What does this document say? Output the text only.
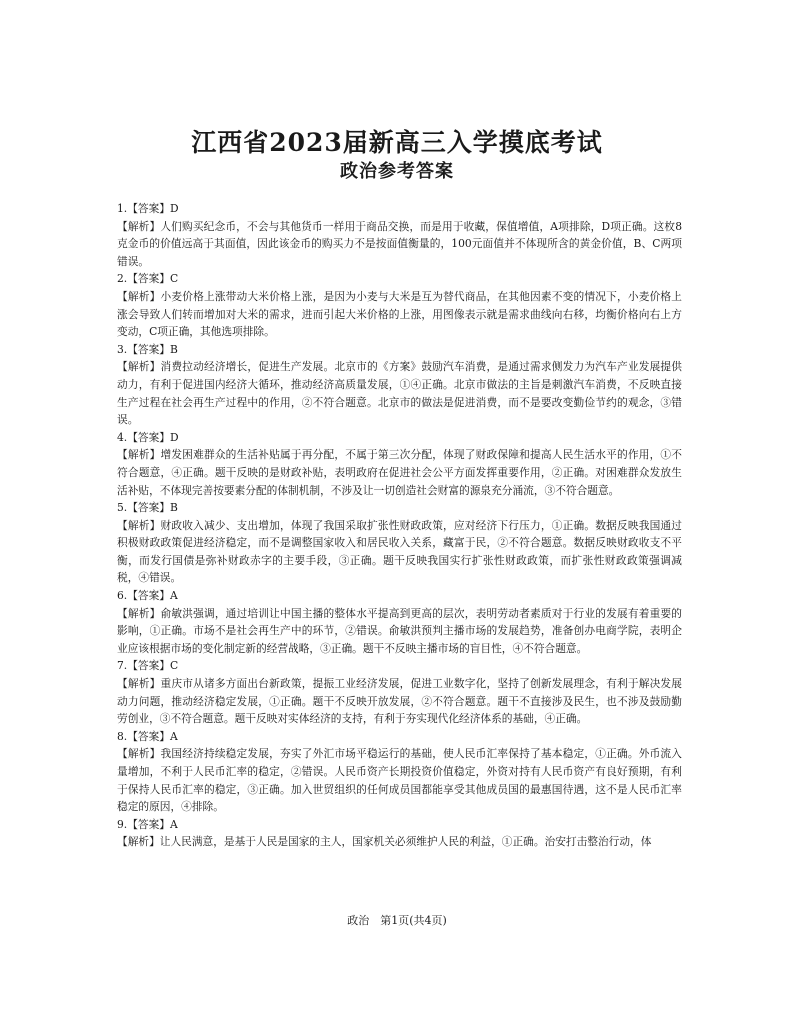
江西省2023届新高三入学摸底考试
政治参考答案
1.【答案】D
【解析】人们购买纪念币，不会与其他货币一样用于商品交换，而是用于收藏，保值增值，A项排除，D项正确。这枚8克金币的价值远高于其面值，因此该金币的购买力不是按面值衡量的，100元面值并不体现所含的黄金价值，B、C两项错误。
2.【答案】C
【解析】小麦价格上涨带动大米价格上涨，是因为小麦与大米是互为替代商品，在其他因素不变的情况下，小麦价格上涨会导致人们转而增加对大米的需求，进而引起大米价格的上涨，用图像表示就是需求曲线向右移，均衡价格向右上方变动，C项正确，其他选项排除。
3.【答案】B
【解析】消费拉动经济增长，促进生产发展。北京市的《方案》鼓励汽车消费，是通过需求侧发力为汽车产业发展提供动力，有利于促进国内经济大循环，推动经济高质量发展，①④正确。北京市做法的主旨是刺激汽车消费，不反映直接生产过程在社会再生产过程中的作用，②不符合题意。北京市的做法是促进消费，而不是要改变勤俭节约的观念，③错误。
4.【答案】D
【解析】增发困难群众的生活补贴属于再分配，不属于第三次分配，体现了财政保障和提高人民生活水平的作用，①不符合题意，④正确。题干反映的是财政补贴，表明政府在促进社会公平方面发挥重要作用，②正确。对困难群众发放生活补贴，不体现完善按要素分配的体制机制，不涉及让一切创造社会财富的源泉充分涌流，③不符合题意。
5.【答案】B
【解析】财政收入减少、支出增加，体现了我国采取扩张性财政政策，应对经济下行压力，①正确。数据反映我国通过积极财政政策促进经济稳定，而不是调整国家收入和居民收入关系，藏富于民，②不符合题意。数据反映财政收支不平衡，而发行国债是弥补财政赤字的主要手段，③正确。题干反映我国实行扩张性财政政策，而扩张性财政政策强调减税，④错误。
6.【答案】A
【解析】俞敏洪强调，通过培训让中国主播的整体水平提高到更高的层次，表明劳动者素质对于行业的发展有着重要的影响，①正确。市场不是社会再生产中的环节，②错误。俞敏洪预判主播市场的发展趋势，准备创办电商学院，表明企业应该根据市场的变化制定新的经营战略，③正确。题干不反映主播市场的盲目性，④不符合题意。
7.【答案】C
【解析】重庆市从诸多方面出台新政策，提振工业经济发展，促进工业数字化，坚持了创新发展理念，有利于解决发展动力问题，推动经济稳定发展，①正确。题干不反映开放发展，②不符合题意。题干不直接涉及民生，也不涉及鼓励勤劳创业，③不符合题意。题干反映对实体经济的支持，有利于夯实现代化经济体系的基础，④正确。
8.【答案】A
【解析】我国经济持续稳定发展，夯实了外汇市场平稳运行的基础，使人民币汇率保持了基本稳定，①正确。外币流入量增加，不利于人民币汇率的稳定，②错误。人民币资产长期投资价值稳定，外资对持有人民币资产有良好预期，有利于保持人民币汇率的稳定，③正确。加入世贸组织的任何成员国都能享受其他成员国的最惠国待遇，这不是人民币汇率稳定的原因，④排除。
9.【答案】A
【解析】让人民满意，是基于人民是国家的主人，国家机关必须维护人民的利益，①正确。治安打击整治行动，体
政治　第1页(共4页)
